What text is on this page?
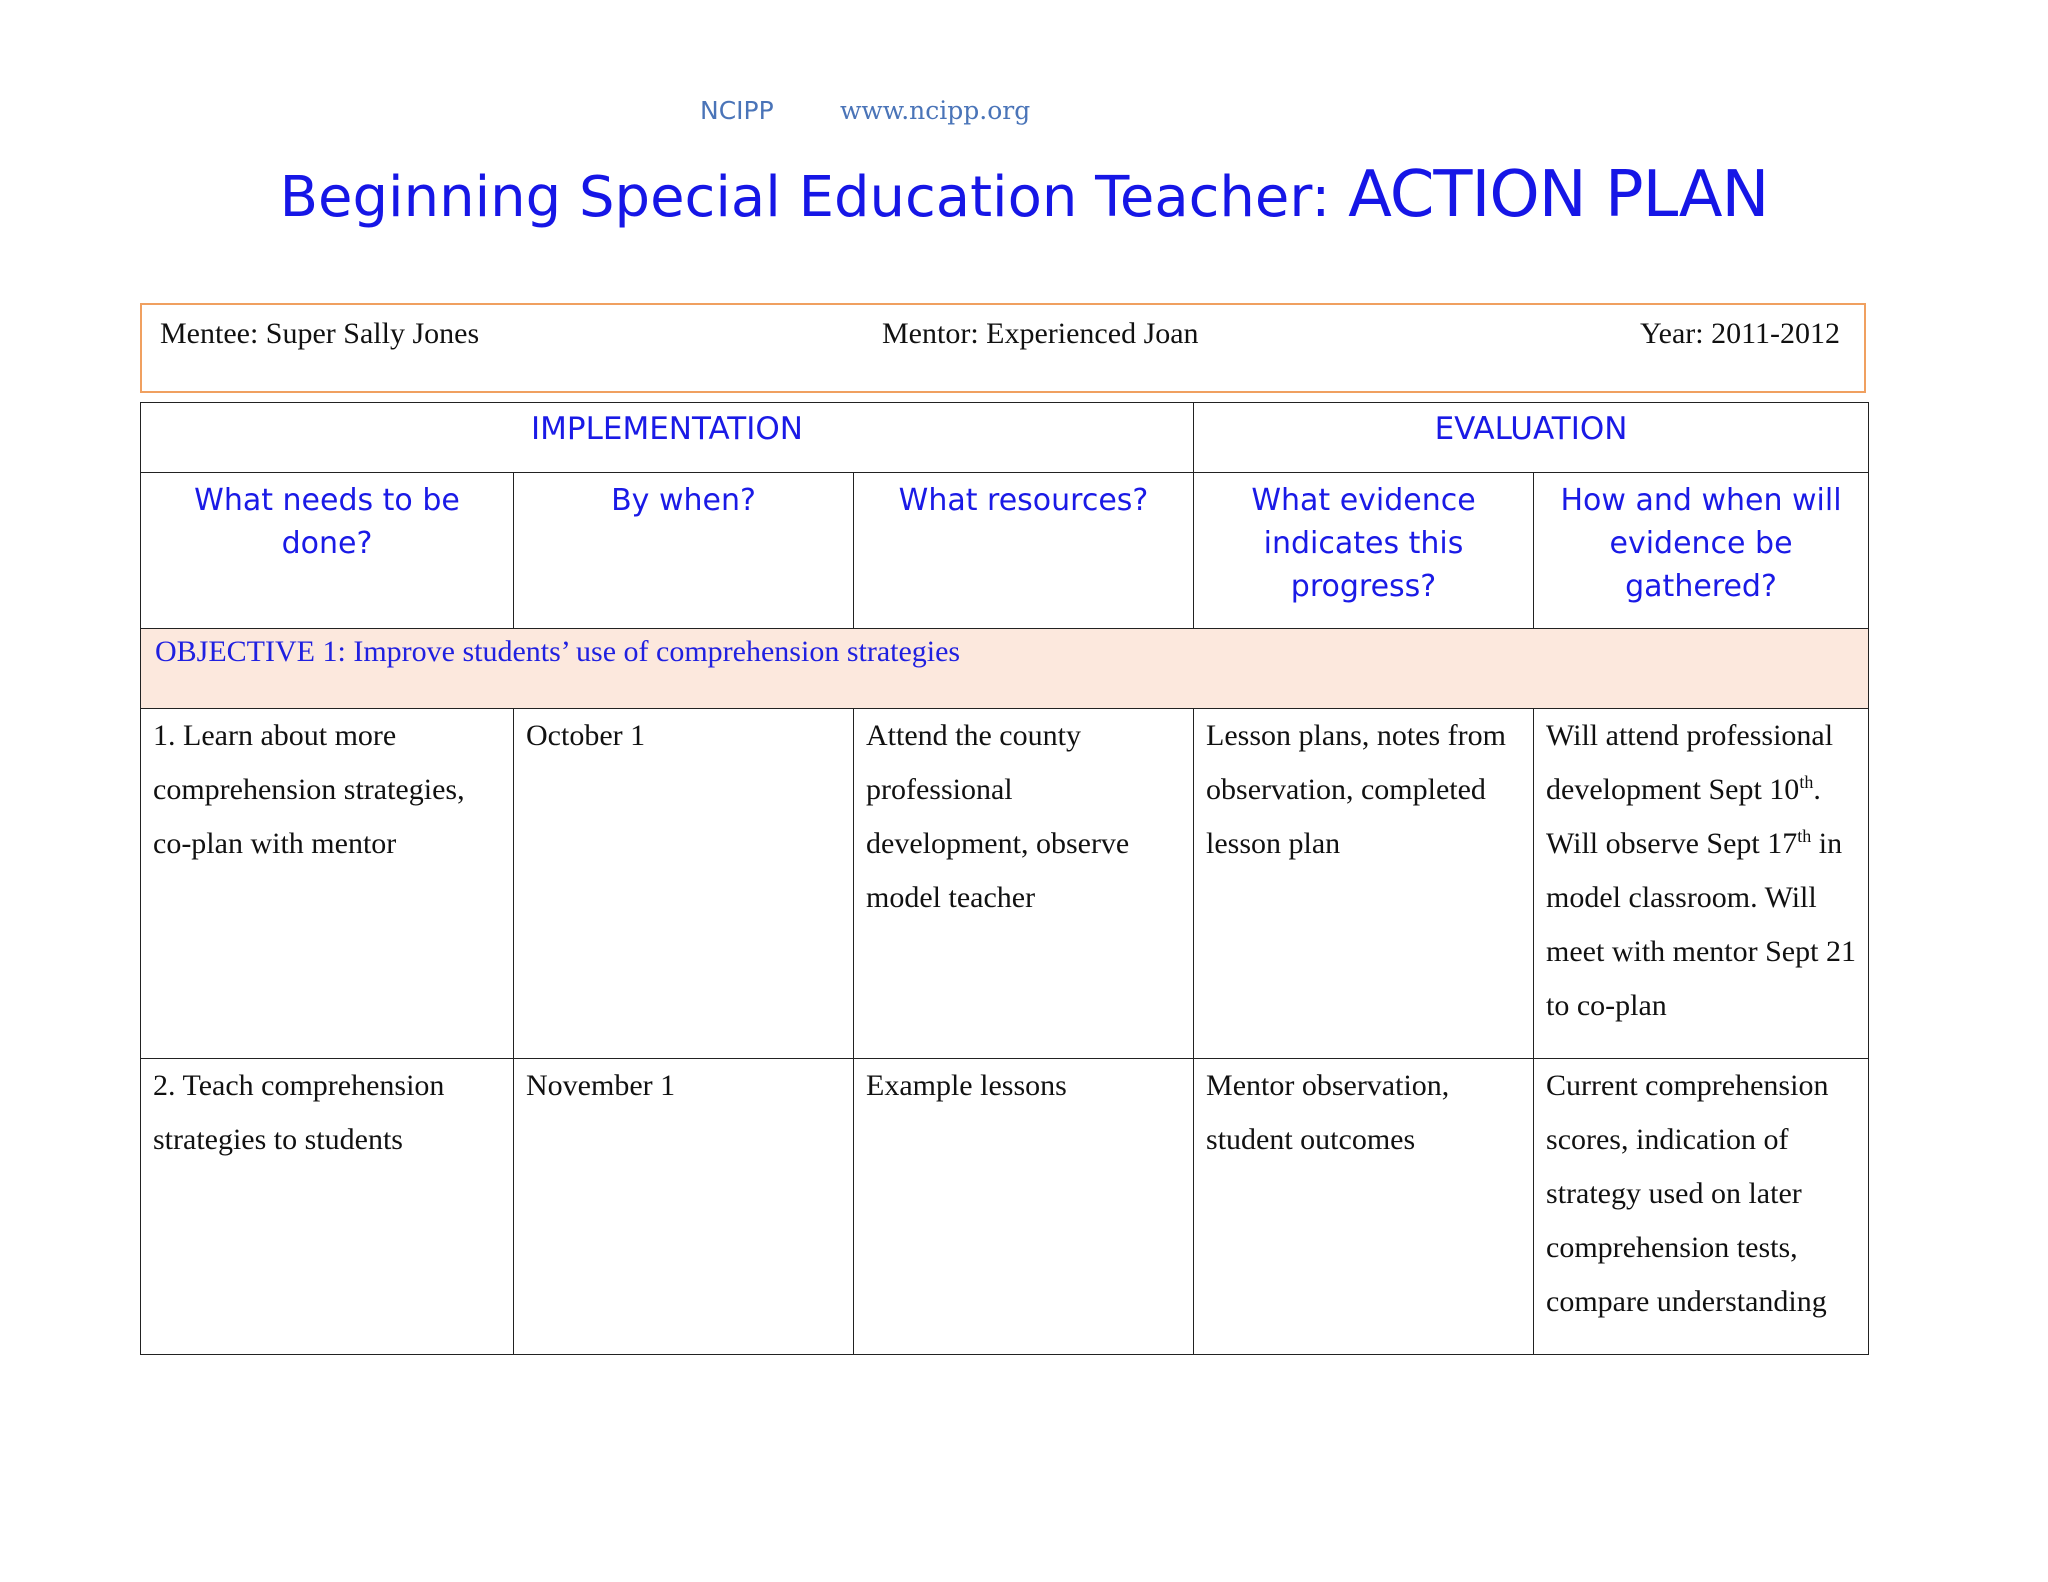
NCIPP	www.ncipp.org
Beginning Special Education Teacher: ACTION PLAN
Mentee: Super Sally Jones	Mentor: Experienced Joan	Year: 2011-2012
IMPLEMENTATION			EVALUATION	
What needs to be done?	By when?	What resources?	What evidence indicates this progress?	How and when will evidence be gathered?
OBJECTIVE 1: Improve students’ use of comprehension strategies				
1. Learn about more comprehension strategies, co-plan with mentor	October 1	Attend the county professional development, observe model teacher	Lesson plans, notes from observation, completed lesson plan	Will attend professional development Sept 10th. Will observe Sept 17th in model classroom. Will meet with mentor Sept 21 to co-plan
2. Teach comprehension strategies to students	November 1	Example lessons	Mentor observation, student outcomes	Current comprehension scores, indication of strategy used on later comprehension tests, compare understanding
